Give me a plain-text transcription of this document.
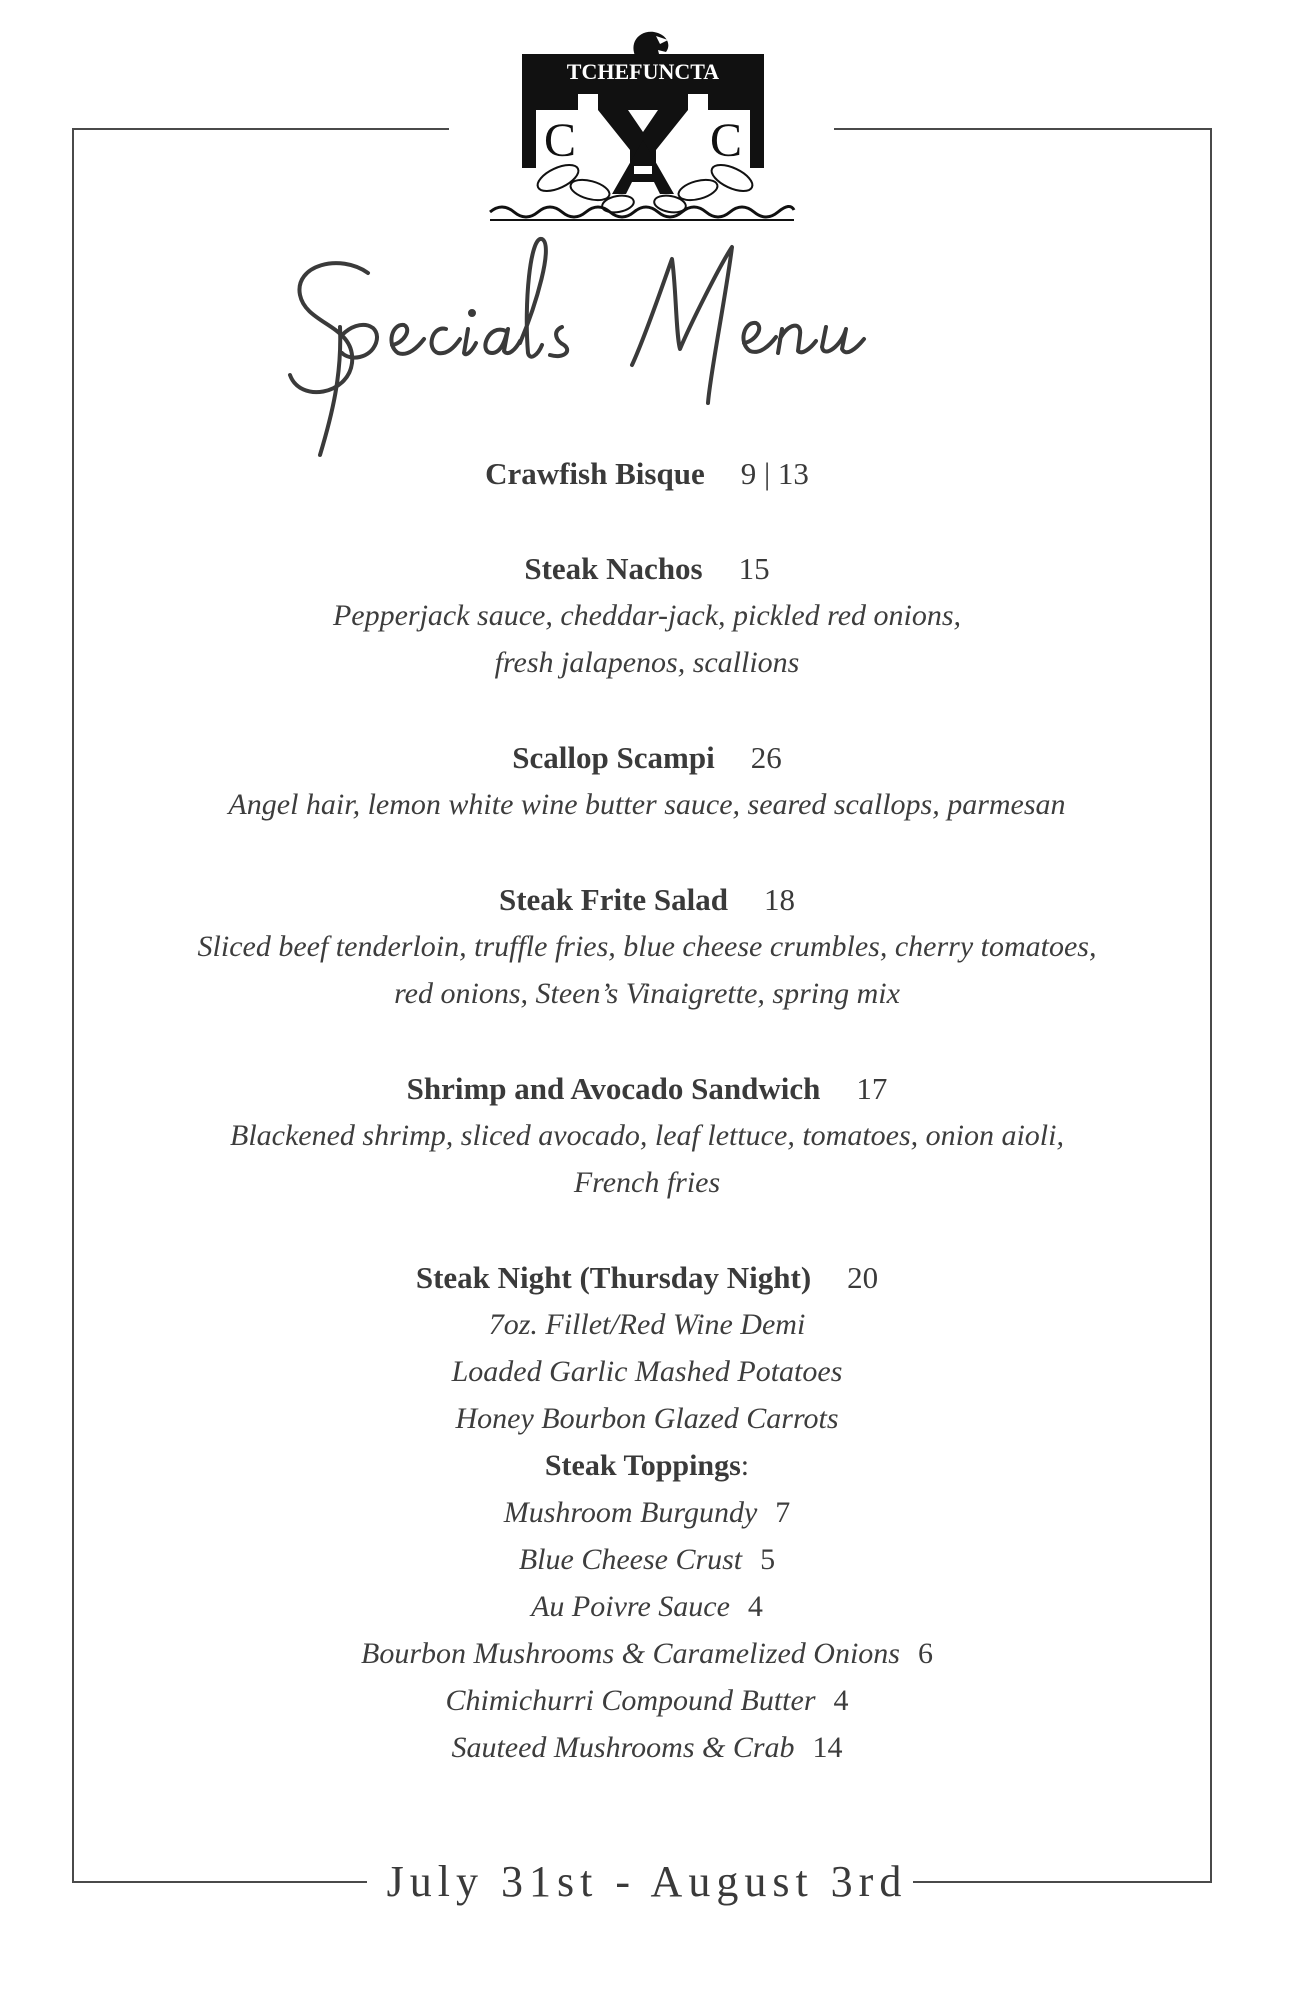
TCHEFUNCTA
C	C
Crawfish Bisque 9 | 13
Steak Nachos 15
Pepperjack sauce, cheddar-jack, pickled red onions,
fresh jalapenos, scallions
Scallop Scampi 26
Angel hair, lemon white wine butter sauce, seared scallops, parmesan
Steak Frite Salad 18
Sliced beef tenderloin, truffle fries, blue cheese crumbles, cherry tomatoes,
red onions, Steen’s Vinaigrette, spring mix
Shrimp and Avocado Sandwich 17
Blackened shrimp, sliced avocado, leaf lettuce, tomatoes, onion aioli,
French fries
Steak Night (Thursday Night) 20
7oz. Fillet/Red Wine Demi
Loaded Garlic Mashed Potatoes
Honey Bourbon Glazed Carrots
Steak Toppings:
Mushroom Burgundy 7
Blue Cheese Crust 5
Au Poivre Sauce 4
Bourbon Mushrooms & Caramelized Onions 6
Chimichurri Compound Butter 4
Sauteed Mushrooms & Crab 14
July 31st - August 3rd
